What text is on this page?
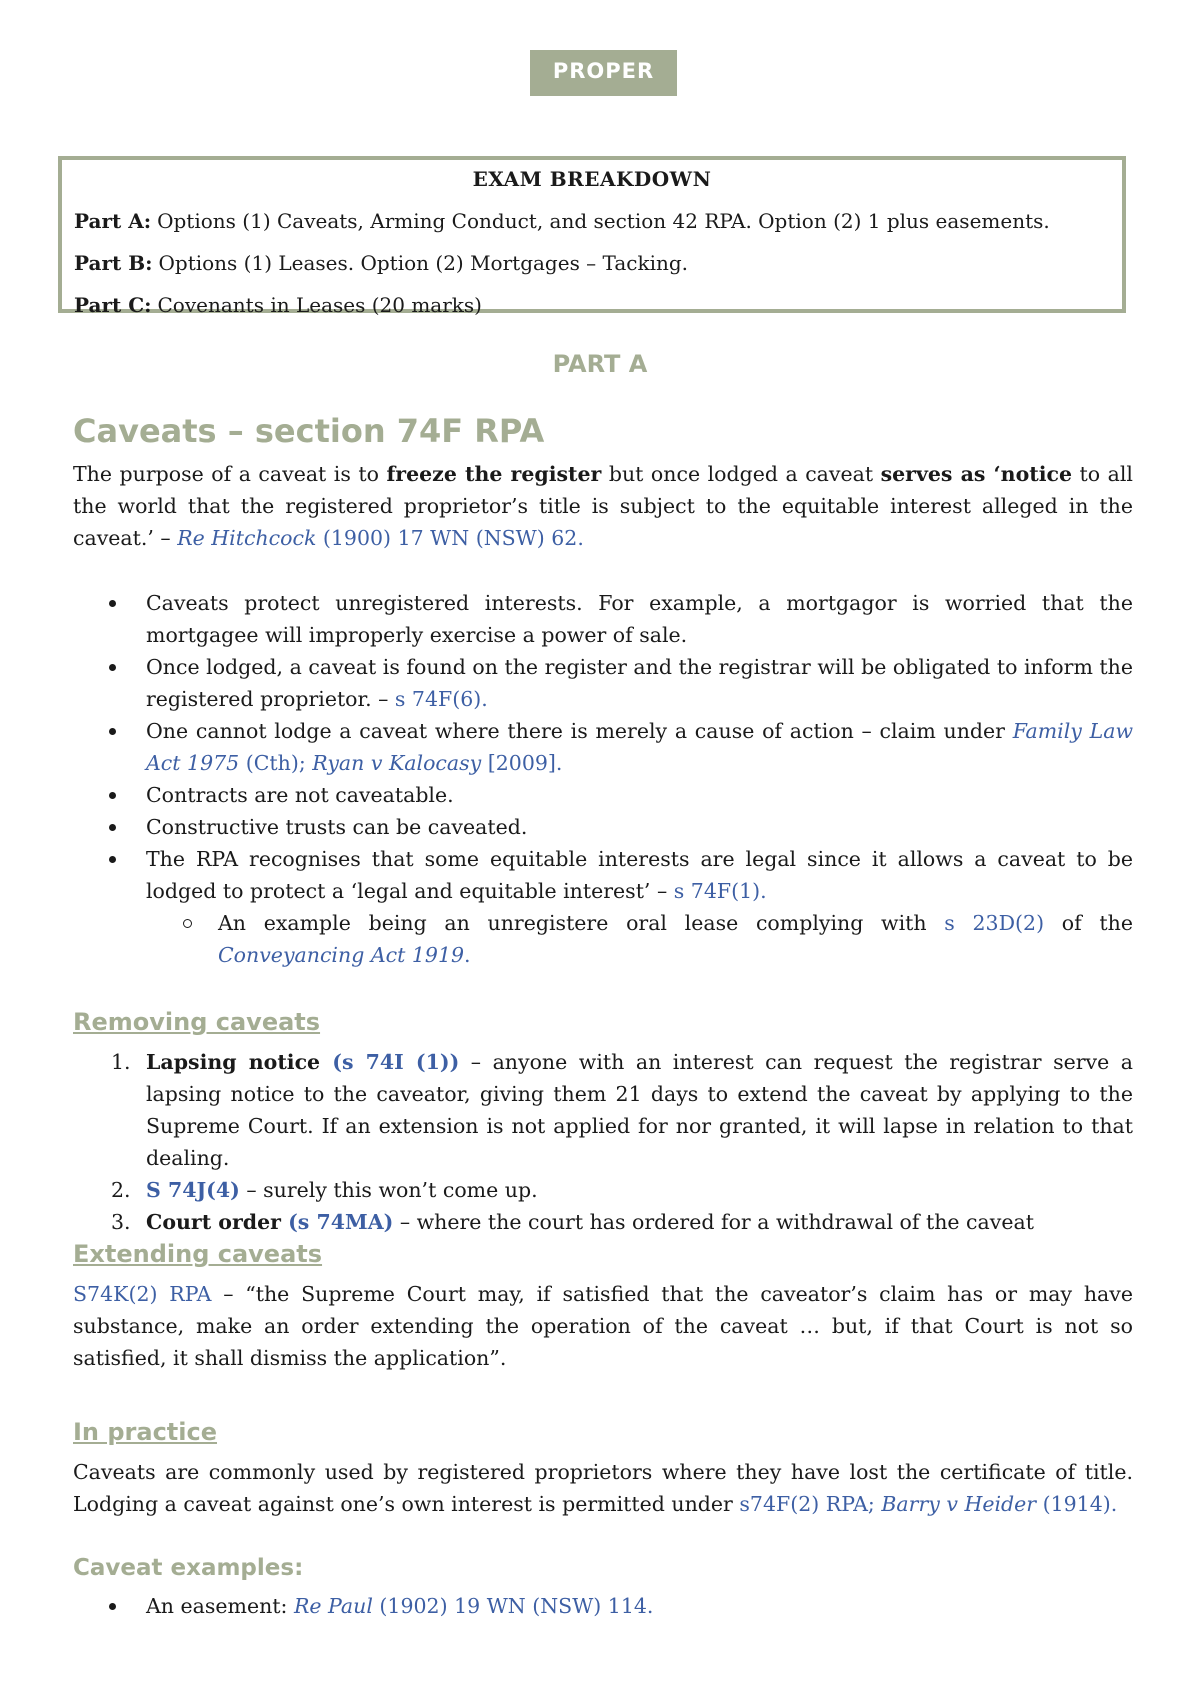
PROPER
EXAM BREAKDOWN
Part A: Options (1) Caveats, Arming Conduct, and section 42 RPA. Option (2) 1 plus easements.
Part B: Options (1) Leases. Option (2) Mortgages – Tacking.
Part C: Covenants in Leases (20 marks)
PART A
Caveats – section 74F RPA

The purpose of a caveat is to freeze the register but once lodged a caveat serves as ‘notice to all the world that the registered proprietor’s title is subject to the equitable interest alleged in the caveat.’ – Re Hitchcock (1900) 17 WN (NSW) 62.

Caveats protect unregistered interests. For example, a mortgagor is worried that the mortgagee will improperly exercise a power of sale.
Once lodged, a caveat is found on the register and the registrar will be obligated to inform the registered proprietor. – s 74F(6).
One cannot lodge a caveat where there is merely a cause of action – claim under Family Law Act 1975 (Cth); Ryan v Kalocasy [2009].
Contracts are not caveatable.
Constructive trusts can be caveated.
The RPA recognises that some equitable interests are legal since it allows a caveat to be lodged to protect a ‘legal and equitable interest’ – s 74F(1).
An example being an unregistere oral lease complying with s 23D(2) of the Conveyancing Act 1919.
Removing caveats
1. Lapsing notice (s 74I (1)) – anyone with an interest can request the registrar serve a lapsing notice to the caveator, giving them 21 days to extend the caveat by applying to the Supreme Court. If an extension is not applied for nor granted, it will lapse in relation to that dealing.
2. S 74J(4) – surely this won’t come up.
3. Court order (s 74MA) – where the court has ordered for a withdrawal of the caveat
Extending caveats

S74K(2) RPA – “the Supreme Court may, if satisfied that the caveator’s claim has or may have substance, make an order extending the operation of the caveat … but, if that Court is not so satisfied, it shall dismiss the application”.

In practice

Caveats are commonly used by registered proprietors where they have lost the certificate of title. Lodging a caveat against one’s own interest is permitted under s74F(2) RPA; Barry v Heider (1914).

Caveat examples:
An easement: Re Paul (1902) 19 WN (NSW) 114.
